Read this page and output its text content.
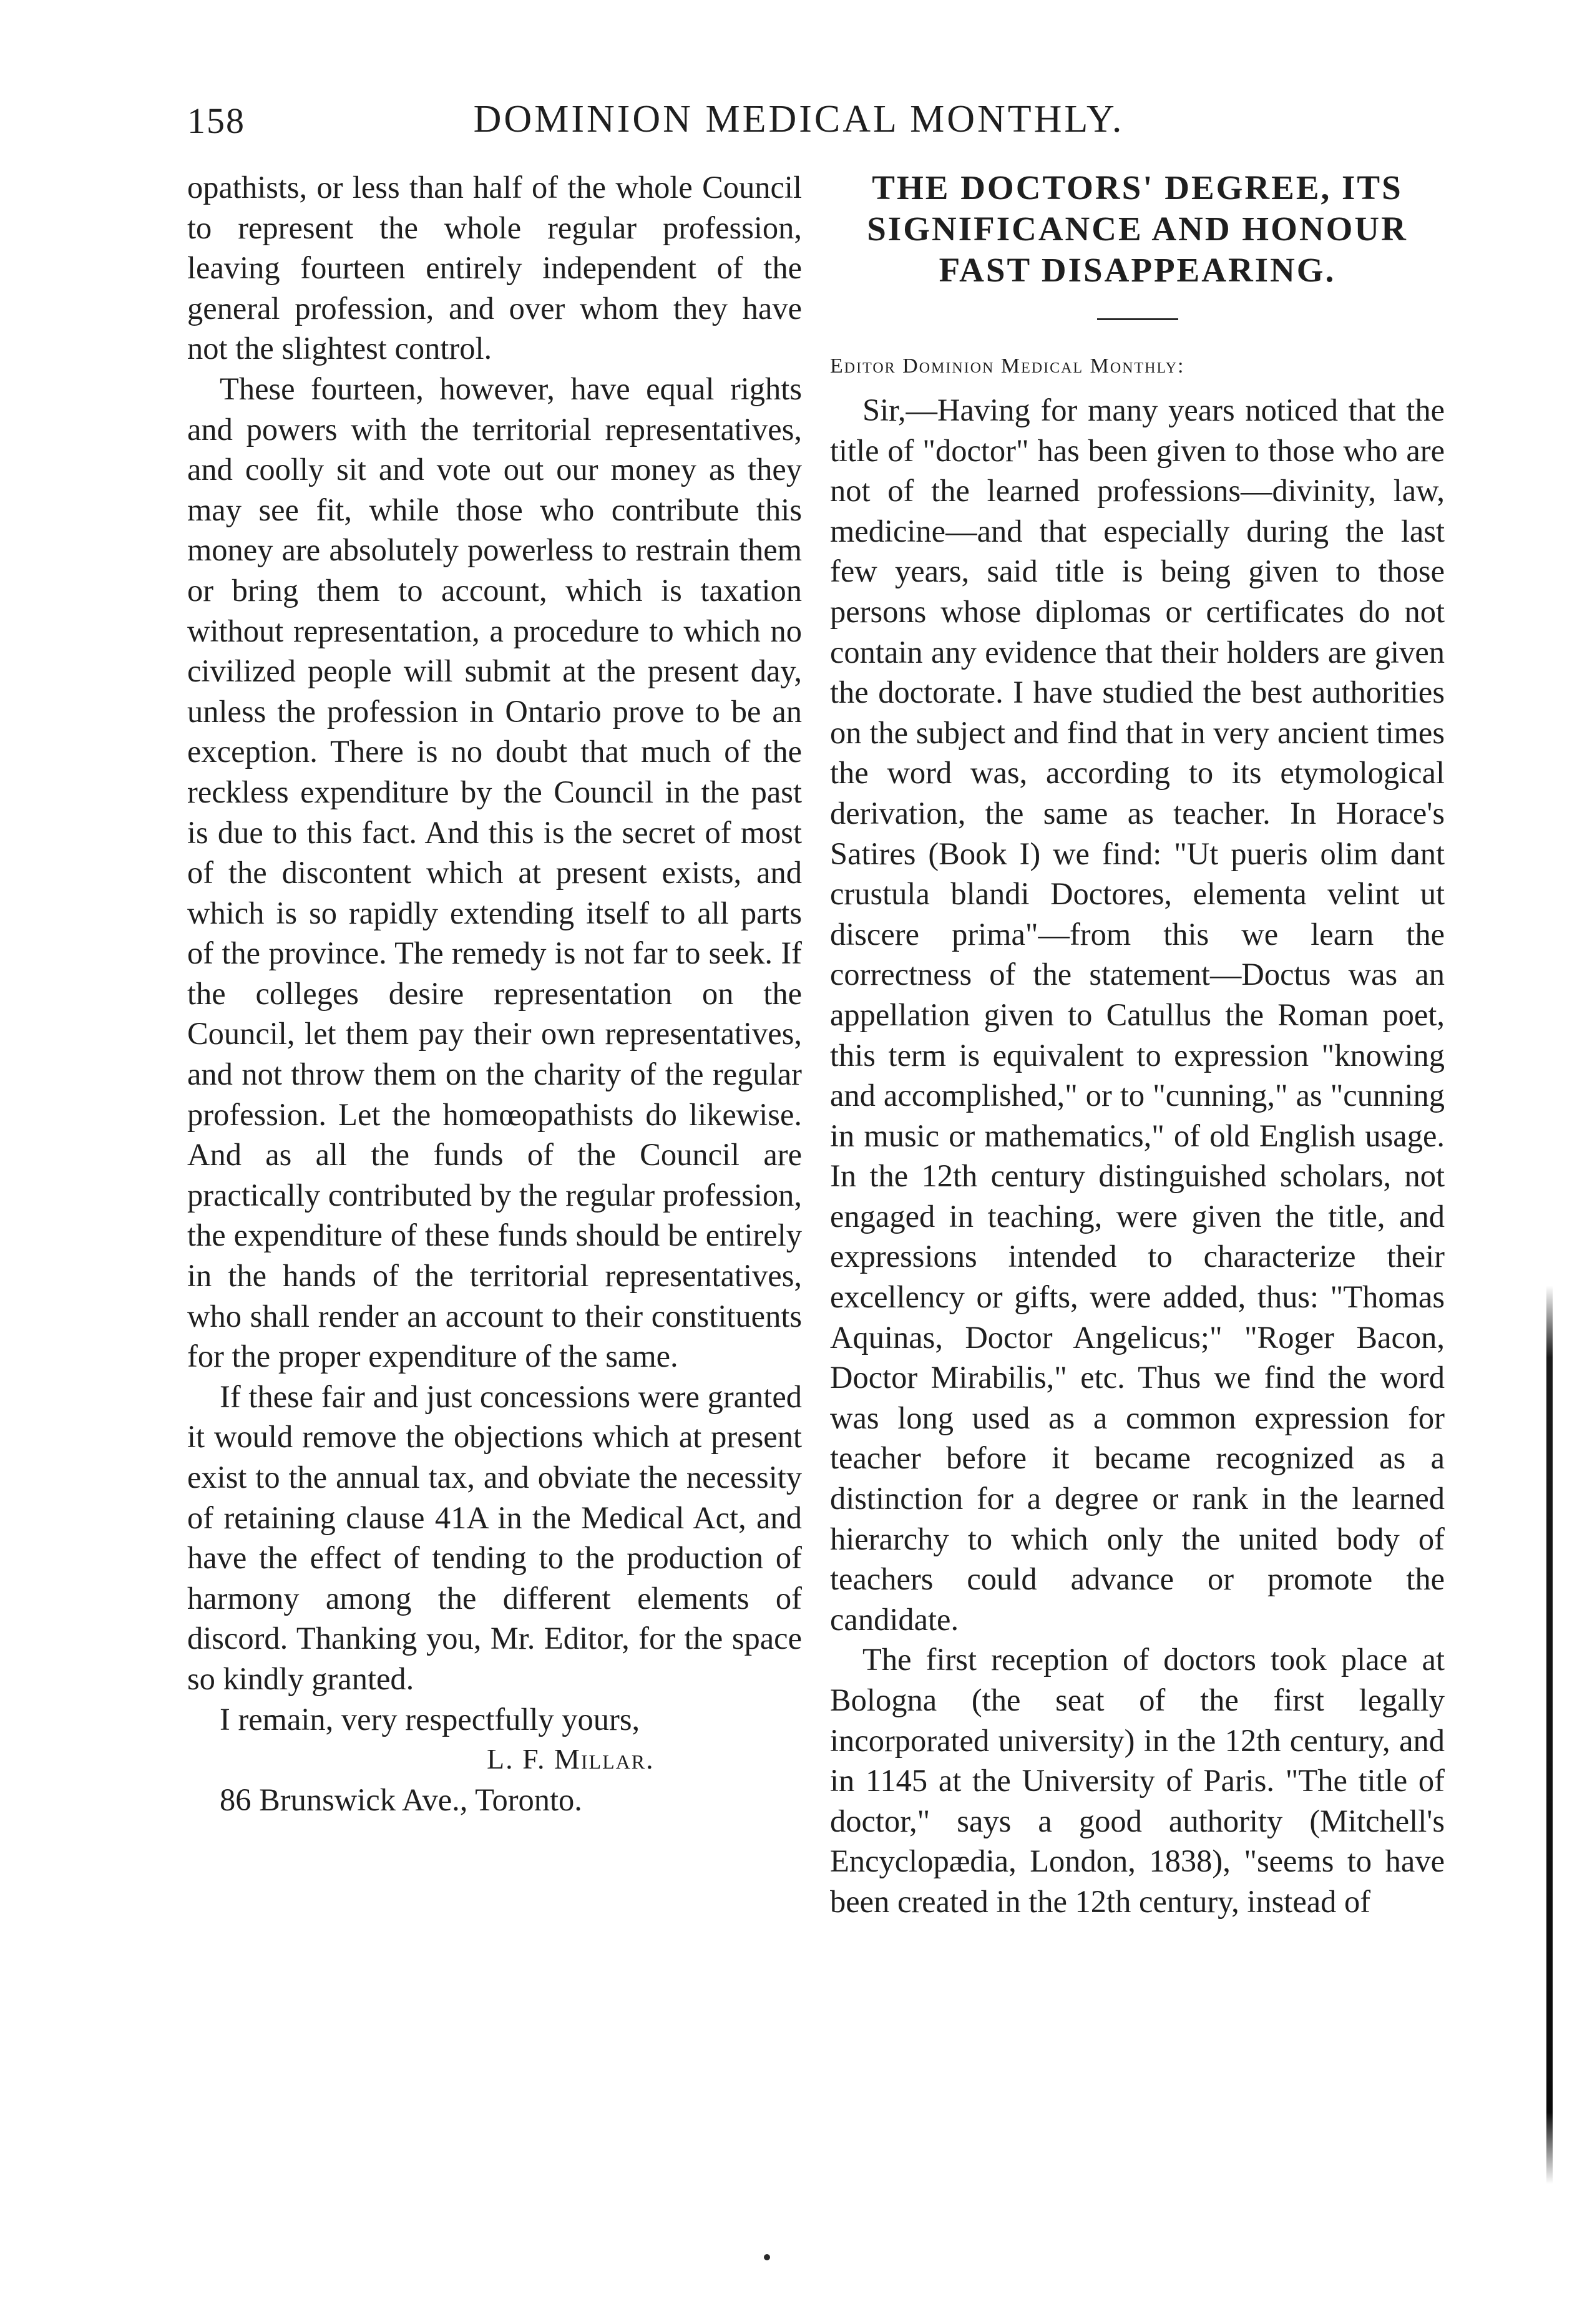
158	DOMINION MEDICAL MONTHLY.

opathists, or less than half of the whole Council to represent the whole regular profession, leaving fourteen entirely independent of the general profession, and over whom they have not the slightest control.

These fourteen, however, have equal rights and powers with the territorial representatives, and coolly sit and vote out our money as they may see fit, while those who contribute this money are absolutely powerless to restrain them or bring them to account, which is taxation without representation, a procedure to which no civilized people will submit at the present day, unless the profession in Ontario prove to be an exception. There is no doubt that much of the reckless expenditure by the Council in the past is due to this fact. And this is the secret of most of the discontent which at present exists, and which is so rapidly extending itself to all parts of the province. The remedy is not far to seek. If the colleges desire representation on the Council, let them pay their own representatives, and not throw them on the charity of the regular profession. Let the homœopathists do likewise. And as all the funds of the Council are practically contributed by the regular profession, the expenditure of these funds should be entirely in the hands of the territorial representatives, who shall render an account to their constituents for the proper expenditure of the same.

If these fair and just concessions were granted it would remove the objections which at present exist to the annual tax, and obviate the necessity of retaining clause 41A in the Medical Act, and have the effect of tending to the production of harmony among the different elements of discord. Thanking you, Mr. Editor, for the space so kindly granted.

I remain, very respectfully yours,

L. F. Millar.

86 Brunswick Ave., Toronto.

THE DOCTORS' DEGREE, ITS
SIGNIFICANCE AND HONOUR
FAST DISAPPEARING.

Editor Dominion Medical Monthly:

Sir,—Having for many years noticed that the title of "doctor" has been given to those who are not of the learned professions—divinity, law, medicine—and that especially during the last few years, said title is being given to those persons whose diplomas or certificates do not contain any evidence that their holders are given the doctorate. I have studied the best authorities on the subject and find that in very ancient times the word was, according to its etymological derivation, the same as teacher. In Horace's Satires (Book I) we find: "Ut pueris olim dant crustula blandi Doctores, elementa velint ut discere prima"—from this we learn the correctness of the statement—Doctus was an appellation given to Catullus the Roman poet, this term is equivalent to expression "knowing and accomplished," or to "cunning," as "cunning in music or mathematics," of old English usage. In the 12th century distinguished scholars, not engaged in teaching, were given the title, and expressions intended to characterize their excellency or gifts, were added, thus: "Thomas Aquinas, Doctor Angelicus;" "Roger Bacon, Doctor Mirabilis," etc. Thus we find the word was long used as a common expression for teacher before it became recognized as a distinction for a degree or rank in the learned hierarchy to which only the united body of teachers could advance or promote the candidate.

The first reception of doctors took place at Bologna (the seat of the first legally incorporated university) in the 12th century, and in 1145 at the University of Paris. "The title of doctor," says a good authority (Mitchell's Encyclopædia, London, 1838), "seems to have been created in the 12th century, instead of
